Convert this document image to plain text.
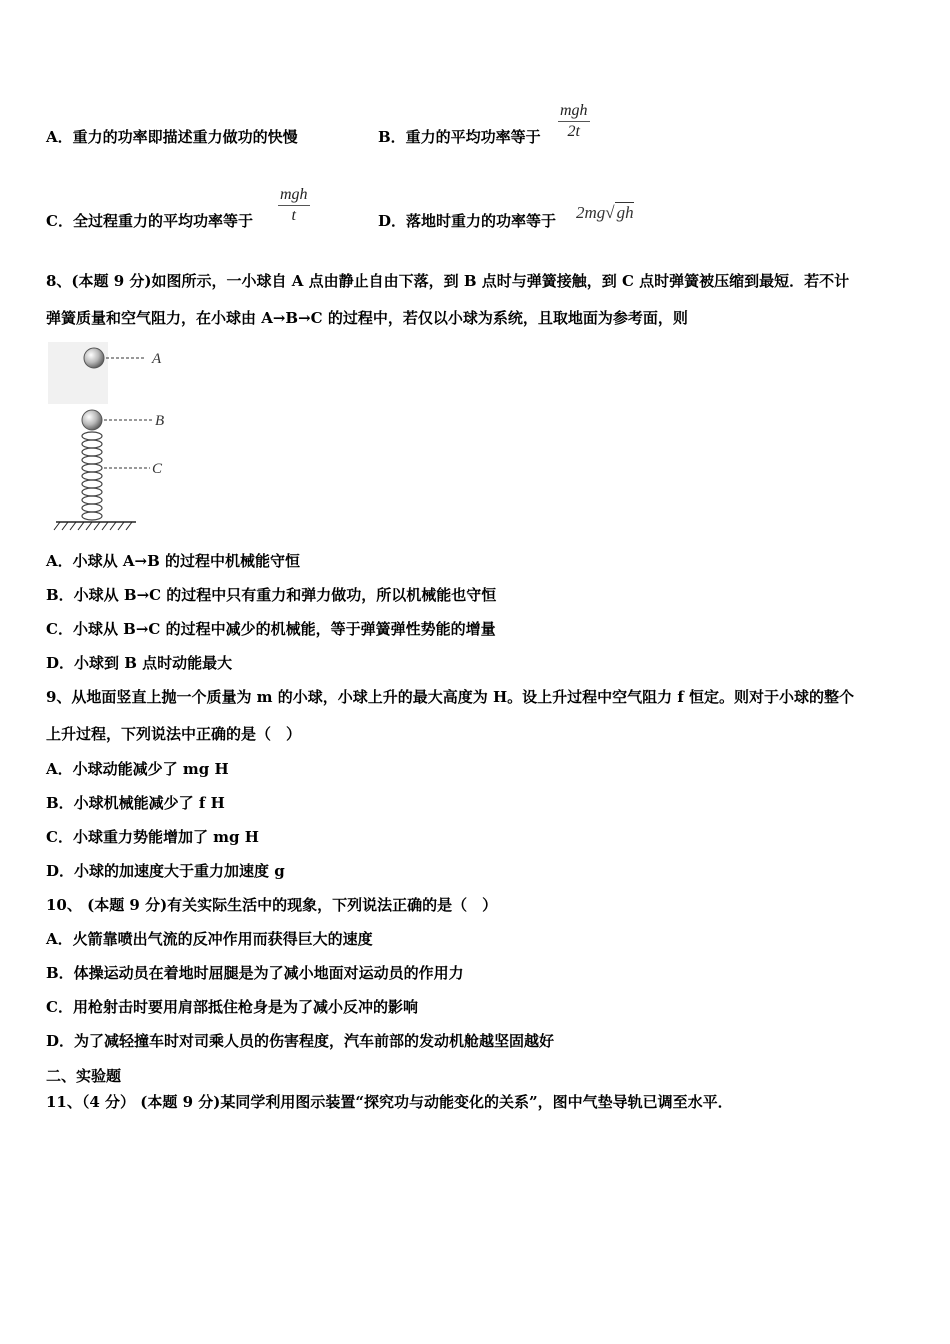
A．重力的功率即描述重力做功的快慢	B．重力的平均功率等于
mgh
2t
C．全过程重力的平均功率等于
mgh
t	D．落地时重力的功率等于 2mg√ gh
8、(本题 9 分)如图所示，一小球自 A 点由静止自由下落，到 B 点时与弹簧接触，到 C 点时弹簧被压缩到最短．若不计
弹簧质量和空气阻力，在小球由 A→B→C 的过程中，若仅以小球为系统，且取地面为参考面，则
A
B
C
A．小球从 A→B 的过程中机械能守恒
B．小球从 B→C 的过程中只有重力和弹力做功，所以机械能也守恒
C．小球从 B→C 的过程中减少的机械能，等于弹簧弹性势能的增量
D．小球到 B 点时动能最大
9、从地面竖直上抛一个质量为 m 的小球，小球上升的最大高度为 H。设上升过程中空气阻力 f 恒定。则对于小球的整个
上升过程，下列说法中正确的是（　）
A．小球动能减少了 mg H
B．小球机械能减少了 f H
C．小球重力势能增加了 mg H
D．小球的加速度大于重力加速度 g
10、 (本题 9 分)有关实际生活中的现象，下列说法正确的是（　）
A．火箭靠喷出气流的反冲作用而获得巨大的速度
B．体操运动员在着地时屈腿是为了减小地面对运动员的作用力
C．用枪射击时要用肩部抵住枪身是为了减小反冲的影响
D．为了减轻撞车时对司乘人员的伤害程度，汽车前部的发动机舱越坚固越好
二、实验题
11、（4 分） (本题 9 分)某同学利用图示装置“探究功与动能变化的关系”，图中气垫导轨已调至水平．
